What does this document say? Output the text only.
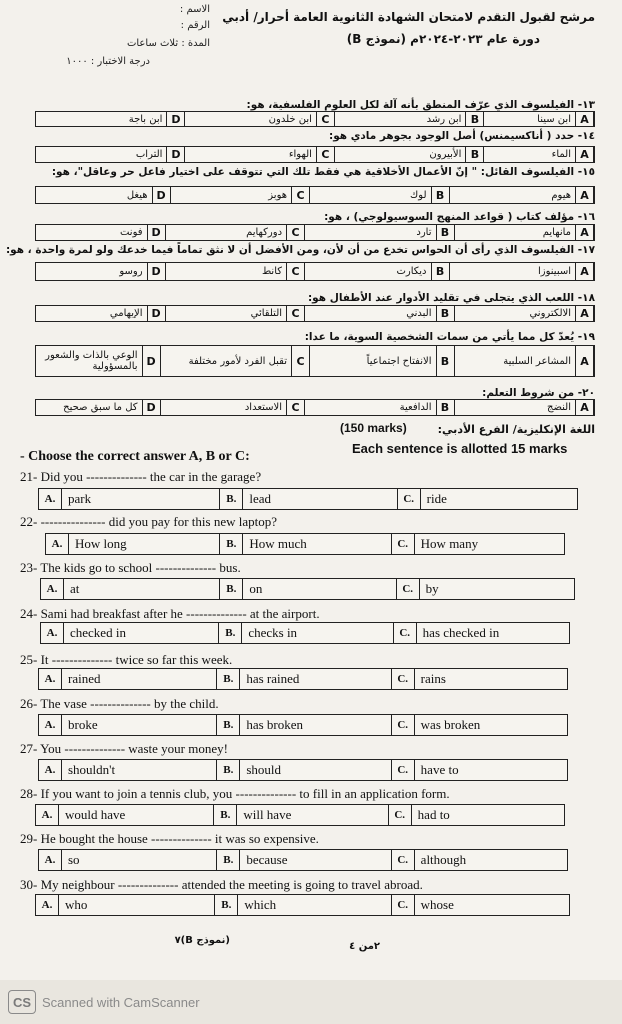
الاسم :
الرقم :
المدة : ثلاث ساعات
درجة الاختبار : ١٠٠٠
مرشح لقبول التقدم لامتحان الشهادة الثانوية العامة أحرار/ أدبي
دورة عام ٢٠٢٣-٢٠٢٤م (نموذج B)
١٣- الفيلسوف الذي عرّف المنطق بأنه آلة لكل العلوم الفلسفية، هو:
A
ابن سينا
B
ابن رشد
C
ابن خلدون
D
ابن باجة
١٤- حدد ( أناكسيمنس) أصل الوجود بجوهر مادي هو:
A
الماء
B
الأبيرون
C
الهواء
D
التراب
١٥- الفيلسوف القائل: " إنّ الأعمال الأخلاقية هي فقط تلك التي تتوقف على اختيار فاعل حر وعاقل"، هو:
A
هيوم
B
لوك
C
هوبز
D
هيغل
١٦- مؤلف كتاب ( قواعد المنهج السوسيولوجي) ، هو:
A
مانهايم
B
تارد
C
دوركهايم
D
فونت
١٧- الفيلسوف الذي رأى أن الحواس تخدع من أن لأن، ومن الأفضل أن لا نثق تماماً فيما خدعك ولو لمرة واحدة ، هو:
A
اسبينوزا
B
ديكارت
C
كانط
D
روسو
١٨- اللعب الذي يتجلى في تقليد الأدوار عند الأطفال هو:
A
الالكتروني
B
البدني
C
التلقائي
D
الإيهامي
١٩- يُعدّ كل مما يأتي من سمات الشخصية السوية، ما عدا:
A
المشاعر السلبية
B
الانفتاح اجتماعياً
C
تقبل الفرد لأمور مختلفة
D
الوعي بالذات والشعور بالمسؤولية
٢٠- من شروط التعلم:
A
النضج
B
الدافعية
C
الاستعداد
D
كل ما سبق صحيح
اللغة الإنكليزية/ الفرع الأدبي:
(150 marks)
Each sentence is allotted 15 marks
- Choose the correct answer A, B or C:
21- Did you -------------- the car in the garage?
A. park	B. lead	C. ride
22- --------------- did you pay for this new laptop?
A. How long	B. How much	C. How many
23- The kids go to school -------------- bus.
A. at	B. on	C. by
24- Sami had breakfast after he -------------- at the airport.
A. checked in	B. checks in	C. has checked in
25- It -------------- twice so far this week.
A. rained	B. has rained	C. rains
26- The vase -------------- by the child.
A. broke	B. has broken	C. was broken
27- You -------------- waste your money!
A. shouldn't	B. should	C. have to
28- If you want to join a tennis club, you -------------- to fill in an application form.
A. would have	B. will have	C. had to
29- He bought the house -------------- it was so expensive.
A. so	B. because	C. although
30- My neighbour -------------- attended the meeting is going to travel abroad.
A. who	B. which	C. whose
(نموذج B)٧
٢من ٤
CS Scanned with CamScanner
